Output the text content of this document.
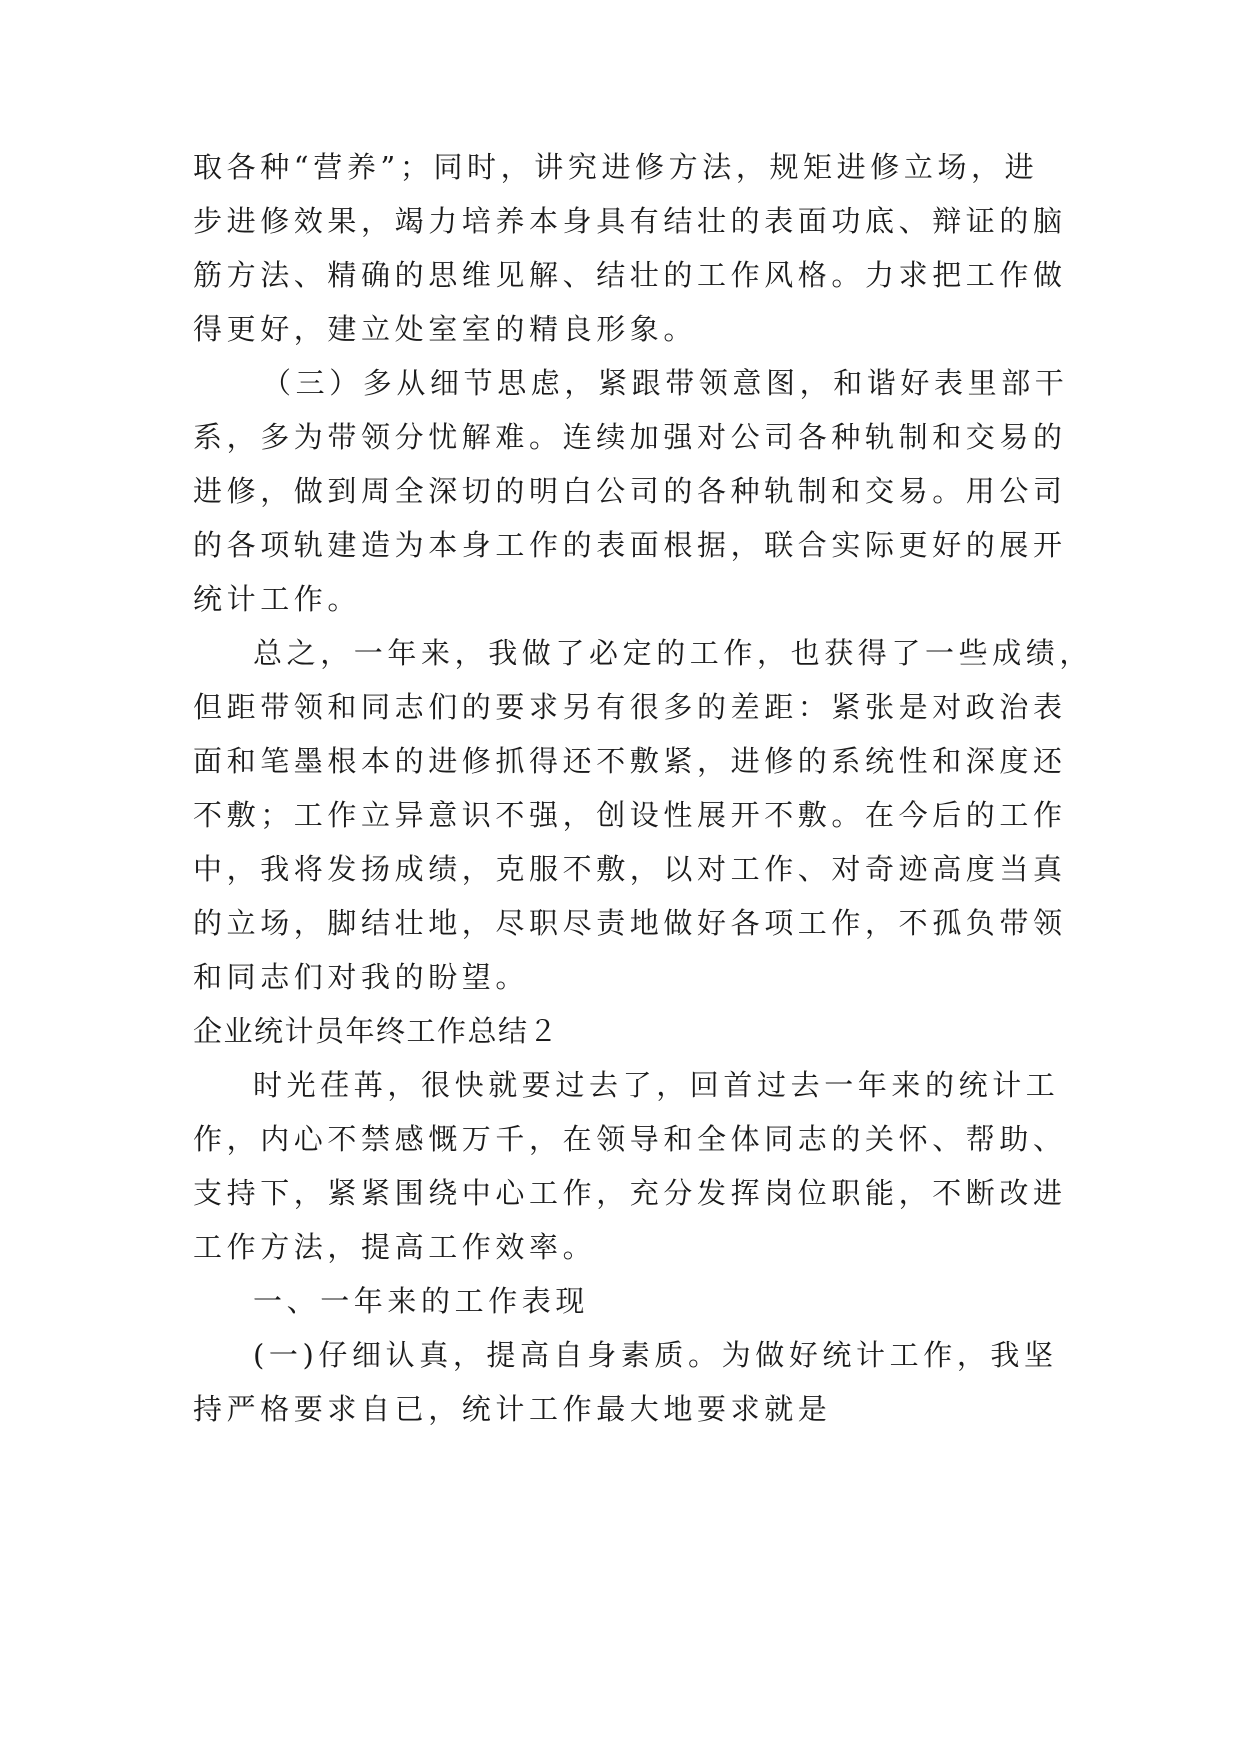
取各种“营养”；同时，讲究进修方法，规矩进修立场，进
步进修效果，竭力培养本身具有结壮的表面功底、辩证的脑
筋方法、精确的思维见解、结壮的工作风格。力求把工作做
得更好，建立处室室的精良形象。
（三）多从细节思虑，紧跟带领意图，和谐好表里部干
系，多为带领分忧解难。连续加强对公司各种轨制和交易的
进修，做到周全深切的明白公司的各种轨制和交易。用公司
的各项轨建造为本身工作的表面根据，联合实际更好的展开
统计工作。
总之，一年来，我做了必定的工作，也获得了一些成绩，
但距带领和同志们的要求另有很多的差距：紧张是对政治表
面和笔墨根本的进修抓得还不敷紧，进修的系统性和深度还
不敷；工作立异意识不强，创设性展开不敷。在今后的工作
中，我将发扬成绩，克服不敷，以对工作、对奇迹高度当真
的立场，脚结壮地，尽职尽责地做好各项工作，不孤负带领
和同志们对我的盼望。
企业统计员年终工作总结２
时光荏苒，很快就要过去了，回首过去一年来的统计工
作，内心不禁感慨万千，在领导和全体同志的关怀、帮助、
支持下，紧紧围绕中心工作，充分发挥岗位职能，不断改进
工作方法，提高工作效率。
一、一年来的工作表现
(一)仔细认真，提高自身素质。为做好统计工作，我坚
持严格要求自已，统计工作最大地要求就是
